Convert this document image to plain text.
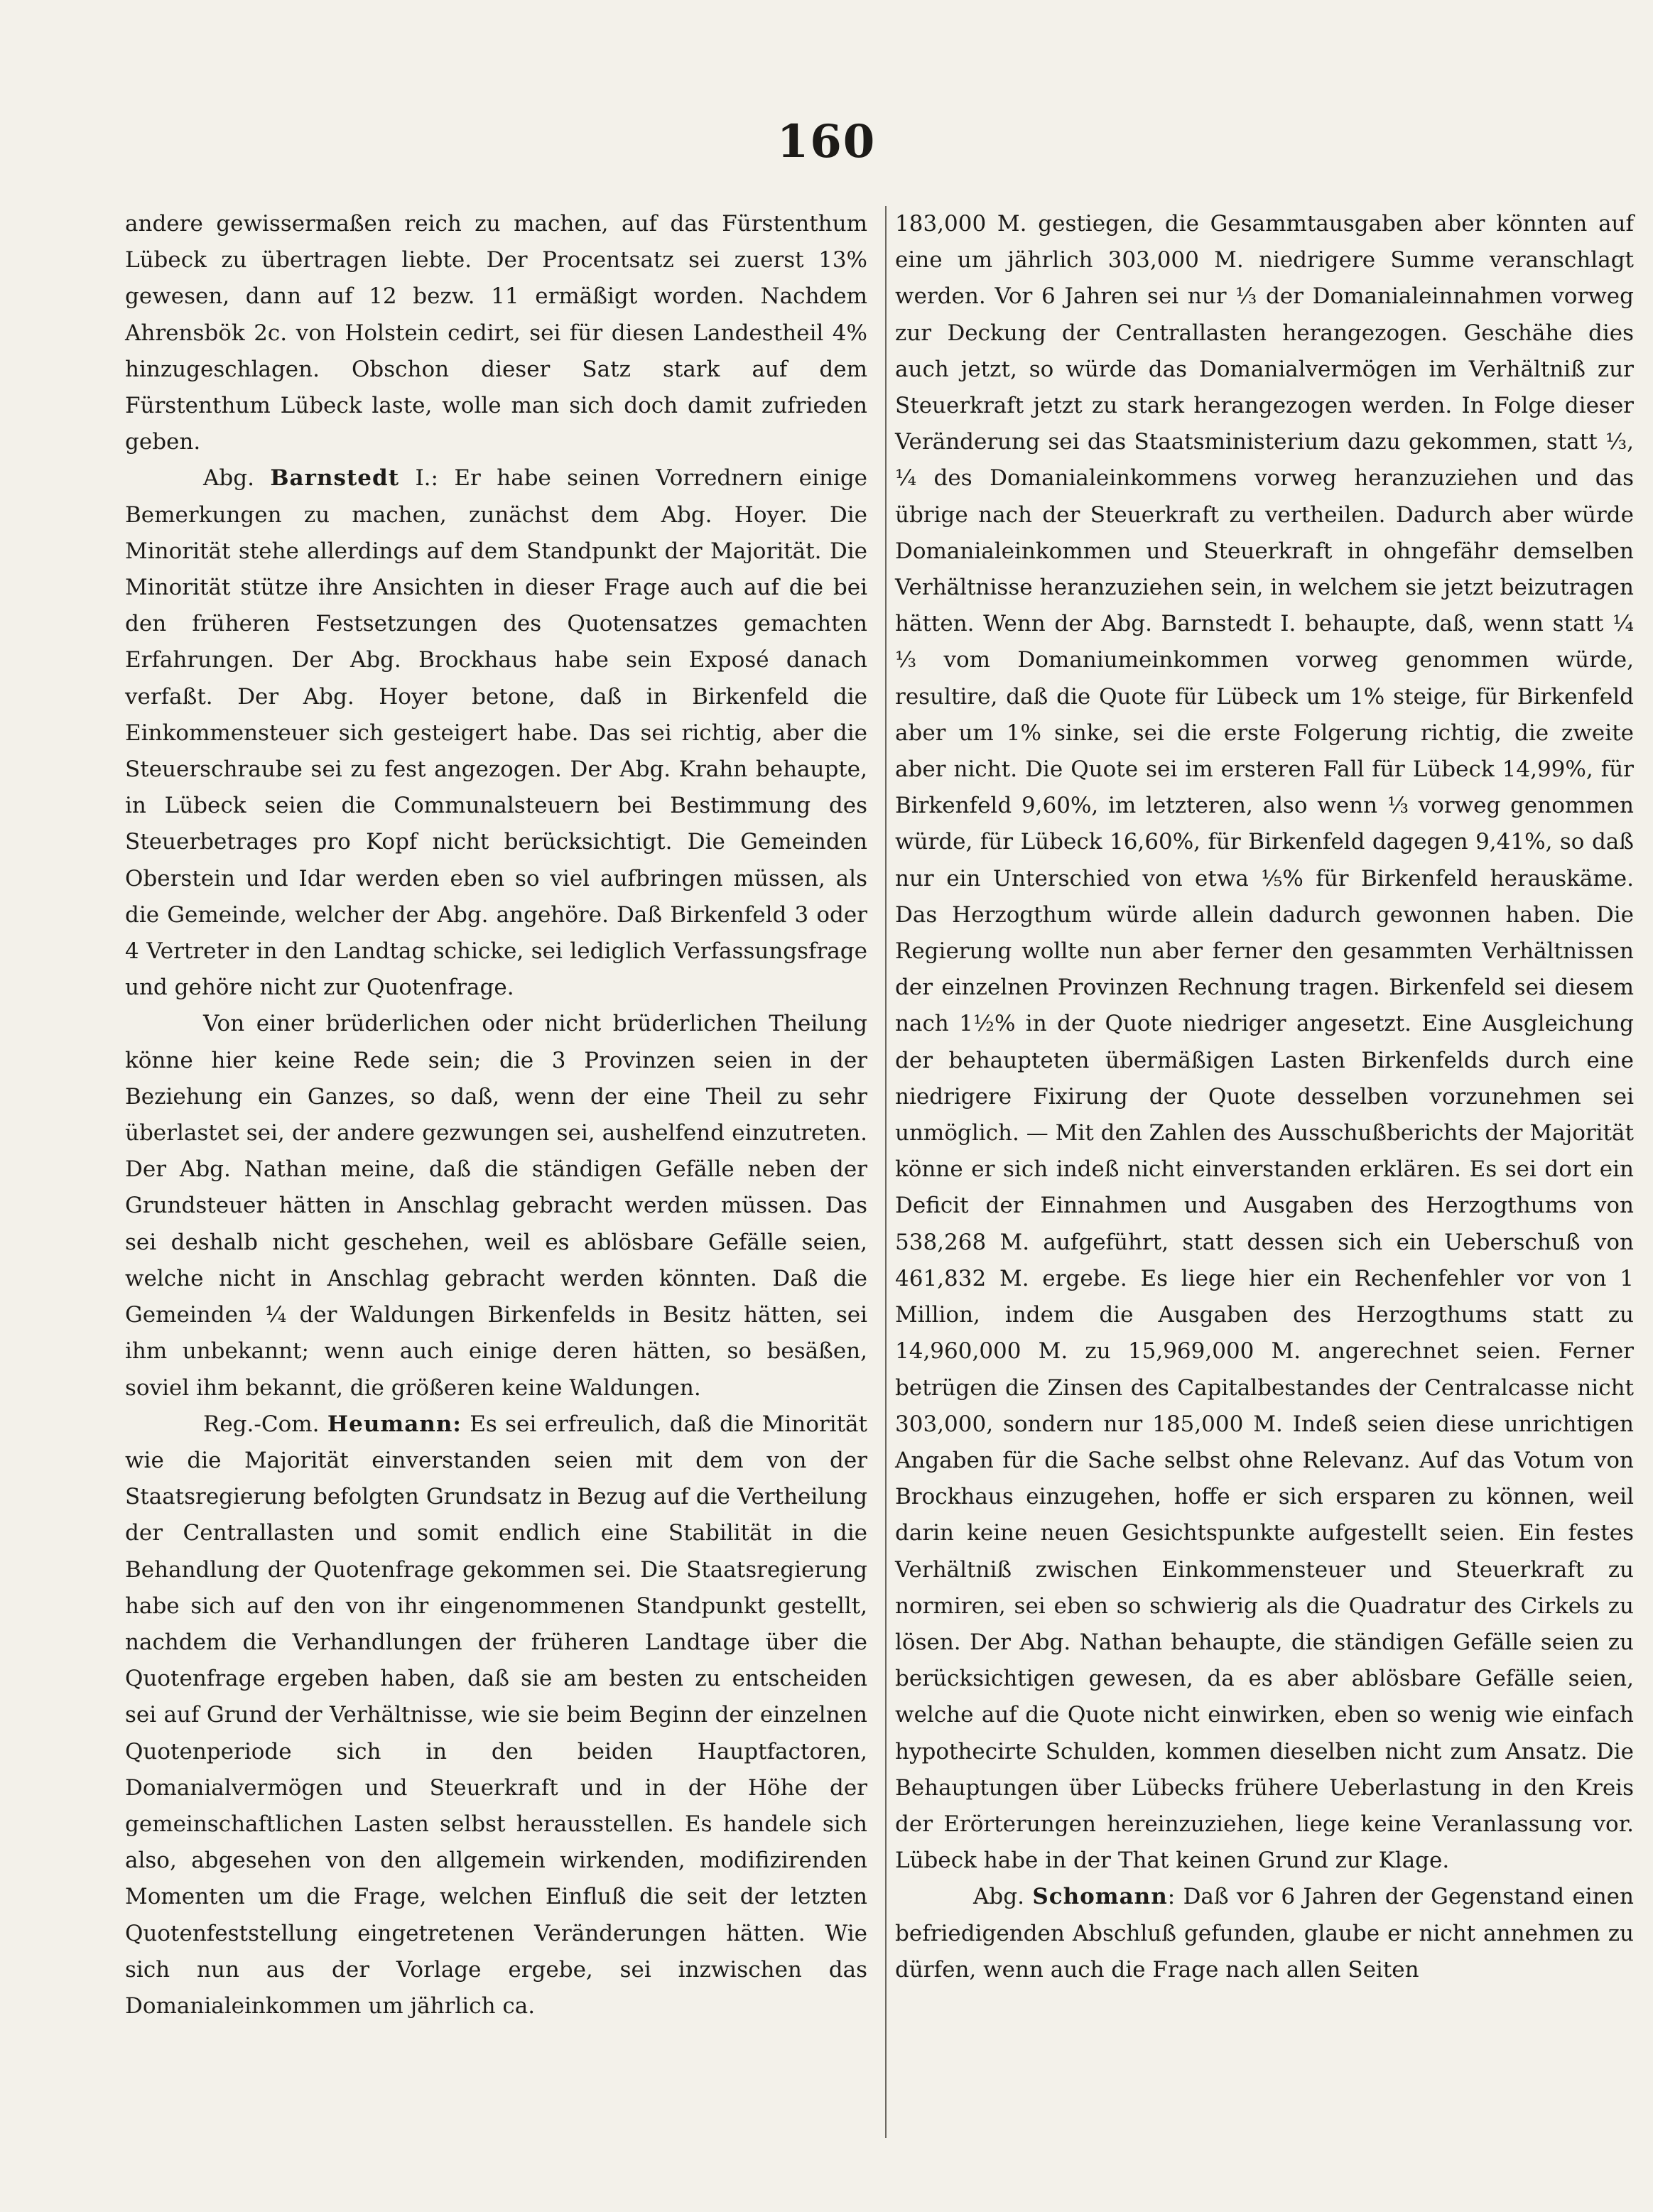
160

andere gewissermaßen reich zu machen, auf das Fürstenthum Lübeck zu übertragen liebte. Der Procentsatz sei zuerst 13% gewesen, dann auf 12 bezw. 11 ermäßigt worden. Nachdem Ahrensbök 2c. von Holstein cedirt, sei für diesen Landestheil 4% hinzugeschlagen. Obschon dieser Satz stark auf dem Fürstenthum Lübeck laste, wolle man sich doch damit zufrieden geben.

Abg. Barnstedt I.: Er habe seinen Vorrednern einige Bemerkungen zu machen, zunächst dem Abg. Hoyer. Die Minorität stehe allerdings auf dem Standpunkt der Majorität. Die Minorität stütze ihre Ansichten in dieser Frage auch auf die bei den früheren Festsetzungen des Quotensatzes gemachten Erfahrungen. Der Abg. Brockhaus habe sein Exposé danach verfaßt. Der Abg. Hoyer betone, daß in Birkenfeld die Einkommensteuer sich gesteigert habe. Das sei richtig, aber die Steuerschraube sei zu fest angezogen. Der Abg. Krahn behaupte, in Lübeck seien die Communalsteuern bei Bestimmung des Steuerbetrages pro Kopf nicht berücksichtigt. Die Gemeinden Oberstein und Idar werden eben so viel aufbringen müssen, als die Gemeinde, welcher der Abg. angehöre. Daß Birkenfeld 3 oder 4 Vertreter in den Landtag schicke, sei lediglich Verfassungsfrage und gehöre nicht zur Quotenfrage.

Von einer brüderlichen oder nicht brüderlichen Theilung könne hier keine Rede sein; die 3 Provinzen seien in der Beziehung ein Ganzes, so daß, wenn der eine Theil zu sehr überlastet sei, der andere gezwungen sei, aushelfend einzutreten. Der Abg. Nathan meine, daß die ständigen Gefälle neben der Grundsteuer hätten in Anschlag gebracht werden müssen. Das sei deshalb nicht geschehen, weil es ablösbare Gefälle seien, welche nicht in Anschlag gebracht werden könnten. Daß die Gemeinden ¼ der Waldungen Birkenfelds in Besitz hätten, sei ihm unbekannt; wenn auch einige deren hätten, so besäßen, soviel ihm bekannt, die größeren keine Waldungen.

Reg.-Com. Heumann: Es sei erfreulich, daß die Minorität wie die Majorität einverstanden seien mit dem von der Staatsregierung befolgten Grundsatz in Bezug auf die Vertheilung der Centrallasten und somit endlich eine Stabilität in die Behandlung der Quotenfrage gekommen sei. Die Staatsregierung habe sich auf den von ihr eingenommenen Standpunkt gestellt, nachdem die Verhandlungen der früheren Landtage über die Quotenfrage ergeben haben, daß sie am besten zu entscheiden sei auf Grund der Verhältnisse, wie sie beim Beginn der einzelnen Quotenperiode sich in den beiden Hauptfactoren, Domanialvermögen und Steuerkraft und in der Höhe der gemeinschaftlichen Lasten selbst herausstellen. Es handele sich also, abgesehen von den allgemein wirkenden, modifizirenden Momenten um die Frage, welchen Einfluß die seit der letzten Quotenfeststellung eingetretenen Veränderungen hätten. Wie sich nun aus der Vorlage ergebe, sei inzwischen das Domanialeinkommen um jährlich ca.

183,000 M. gestiegen, die Gesammtausgaben aber könnten auf eine um jährlich 303,000 M. niedrigere Summe veranschlagt werden. Vor 6 Jahren sei nur ⅓ der Domanialeinnahmen vorweg zur Deckung der Centrallasten herangezogen. Geschähe dies auch jetzt, so würde das Domanialvermögen im Verhältniß zur Steuerkraft jetzt zu stark herangezogen werden. In Folge dieser Veränderung sei das Staatsministerium dazu gekommen, statt ⅓, ¼ des Domanialeinkommens vorweg heranzuziehen und das übrige nach der Steuerkraft zu vertheilen. Dadurch aber würde Domanialeinkommen und Steuerkraft in ohngefähr demselben Verhältnisse heranzuziehen sein, in welchem sie jetzt beizutragen hätten. Wenn der Abg. Barnstedt I. behaupte, daß, wenn statt ¼ ⅓ vom Domaniumeinkommen vorweg genommen würde, resultire, daß die Quote für Lübeck um 1% steige, für Birkenfeld aber um 1% sinke, sei die erste Folgerung richtig, die zweite aber nicht. Die Quote sei im ersteren Fall für Lübeck 14,99%, für Birkenfeld 9,60%, im letzteren, also wenn ⅓ vorweg genommen würde, für Lübeck 16,60%, für Birkenfeld dagegen 9,41%, so daß nur ein Unterschied von etwa ⅕% für Birkenfeld herauskäme. Das Herzogthum würde allein dadurch gewonnen haben. Die Regierung wollte nun aber ferner den gesammten Verhältnissen der einzelnen Provinzen Rechnung tragen. Birkenfeld sei diesem nach 1½% in der Quote niedriger angesetzt. Eine Ausgleichung der behaupteten übermäßigen Lasten Birkenfelds durch eine niedrigere Fixirung der Quote desselben vorzunehmen sei unmöglich. — Mit den Zahlen des Ausschußberichts der Majorität könne er sich indeß nicht einverstanden erklären. Es sei dort ein Deficit der Einnahmen und Ausgaben des Herzogthums von 538,268 M. aufgeführt, statt dessen sich ein Ueberschuß von 461,832 M. ergebe. Es liege hier ein Rechenfehler vor von 1 Million, indem die Ausgaben des Herzogthums statt zu 14,960,000 M. zu 15,969,000 M. angerechnet seien. Ferner betrügen die Zinsen des Capitalbestandes der Centralcasse nicht 303,000, sondern nur 185,000 M. Indeß seien diese unrichtigen Angaben für die Sache selbst ohne Relevanz. Auf das Votum von Brockhaus einzugehen, hoffe er sich ersparen zu können, weil darin keine neuen Gesichtspunkte aufgestellt seien. Ein festes Verhältniß zwischen Einkommensteuer und Steuerkraft zu normiren, sei eben so schwierig als die Quadratur des Cirkels zu lösen. Der Abg. Nathan behaupte, die ständigen Gefälle seien zu berücksichtigen gewesen, da es aber ablösbare Gefälle seien, welche auf die Quote nicht einwirken, eben so wenig wie einfach hypothecirte Schulden, kommen dieselben nicht zum Ansatz. Die Behauptungen über Lübecks frühere Ueberlastung in den Kreis der Erörterungen hereinzuziehen, liege keine Veranlassung vor. Lübeck habe in der That keinen Grund zur Klage.

Abg. Schomann: Daß vor 6 Jahren der Gegenstand einen befriedigenden Abschluß gefunden, glaube er nicht annehmen zu dürfen, wenn auch die Frage nach allen Seiten
